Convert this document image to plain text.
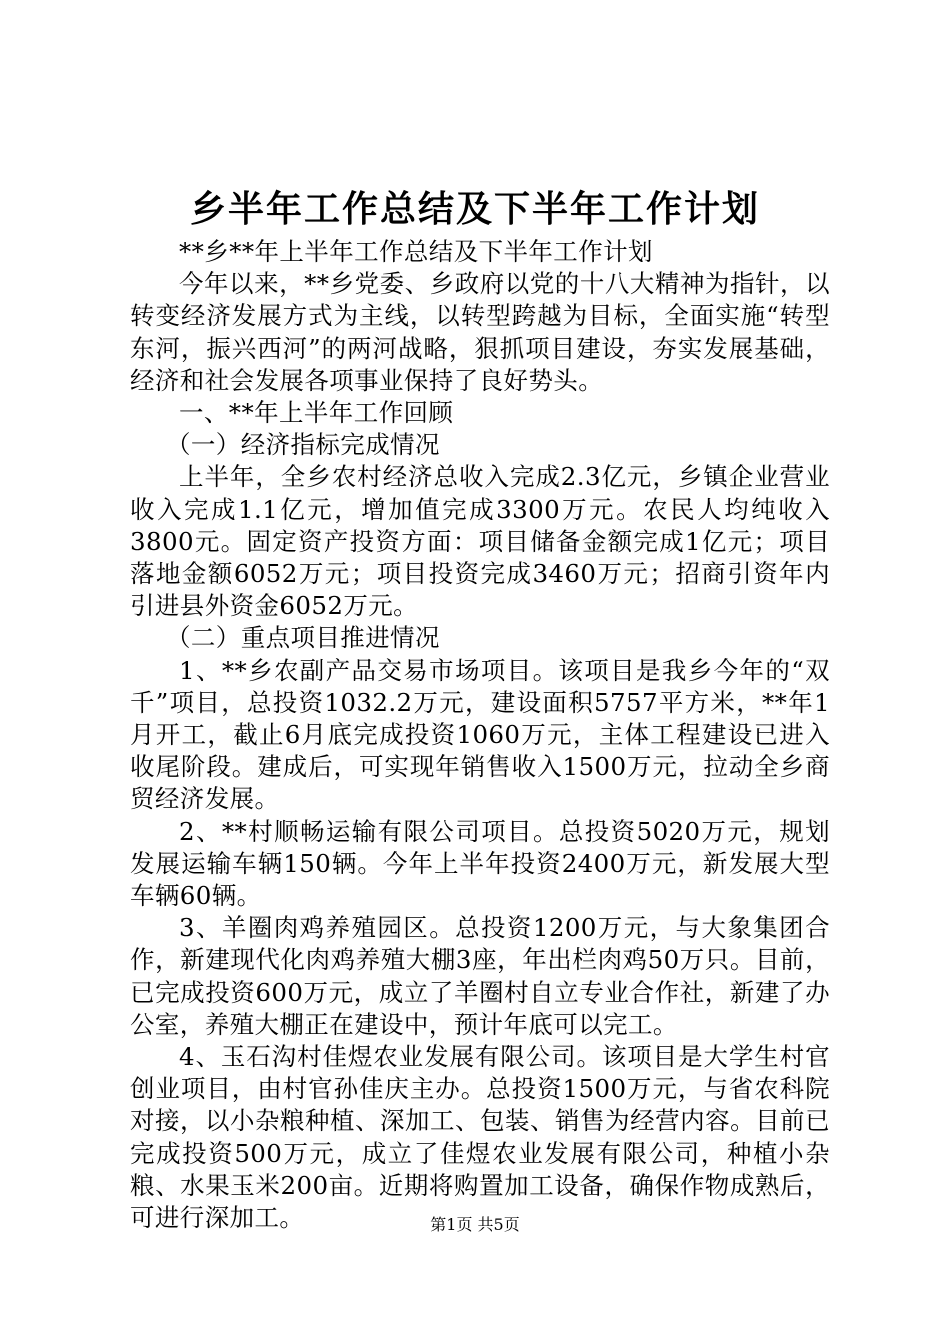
乡半年工作总结及下半年工作计划

**乡**年上半年工作总结及下半年工作计划

今年以来，**乡党委、乡政府以党的十八大精神为指针，以转变经济发展方式为主线，以转型跨越为目标，全面实施“转型东河，振兴西河”的两河战略，狠抓项目建设，夯实发展基础，经济和社会发展各项事业保持了良好势头。

一、**年上半年工作回顾

（一）经济指标完成情况

上半年，全乡农村经济总收入完成2.3亿元，乡镇企业营业收入完成1.1亿元，增加值完成3300万元。农民人均纯收入3800元。固定资产投资方面：项目储备金额完成1亿元；项目落地金额6052万元；项目投资完成3460万元；招商引资年内引进县外资金6052万元。

（二）重点项目推进情况

1、**乡农副产品交易市场项目。该项目是我乡今年的“双千”项目，总投资1032.2万元，建设面积5757平方米，**年1月开工，截止6月底完成投资1060万元，主体工程建设已进入收尾阶段。建成后，可实现年销售收入1500万元，拉动全乡商贸经济发展。

2、**村顺畅运输有限公司项目。总投资5020万元，规划发展运输车辆150辆。今年上半年投资2400万元，新发展大型车辆60辆。

3、羊圈肉鸡养殖园区。总投资1200万元，与大象集团合作，新建现代化肉鸡养殖大棚3座，年出栏肉鸡50万只。目前，已完成投资600万元，成立了羊圈村自立专业合作社，新建了办公室，养殖大棚正在建设中，预计年底可以完工。

4、玉石沟村佳煜农业发展有限公司。该项目是大学生村官创业项目，由村官孙佳庆主办。总投资1500万元，与省农科院对接，以小杂粮种植、深加工、包装、销售为经营内容。目前已完成投资500万元，成立了佳煜农业发展有限公司，种植小杂粮、水果玉米200亩。近期将购置加工设备，确保作物成熟后，可进行深加工。	第1页 共5页
